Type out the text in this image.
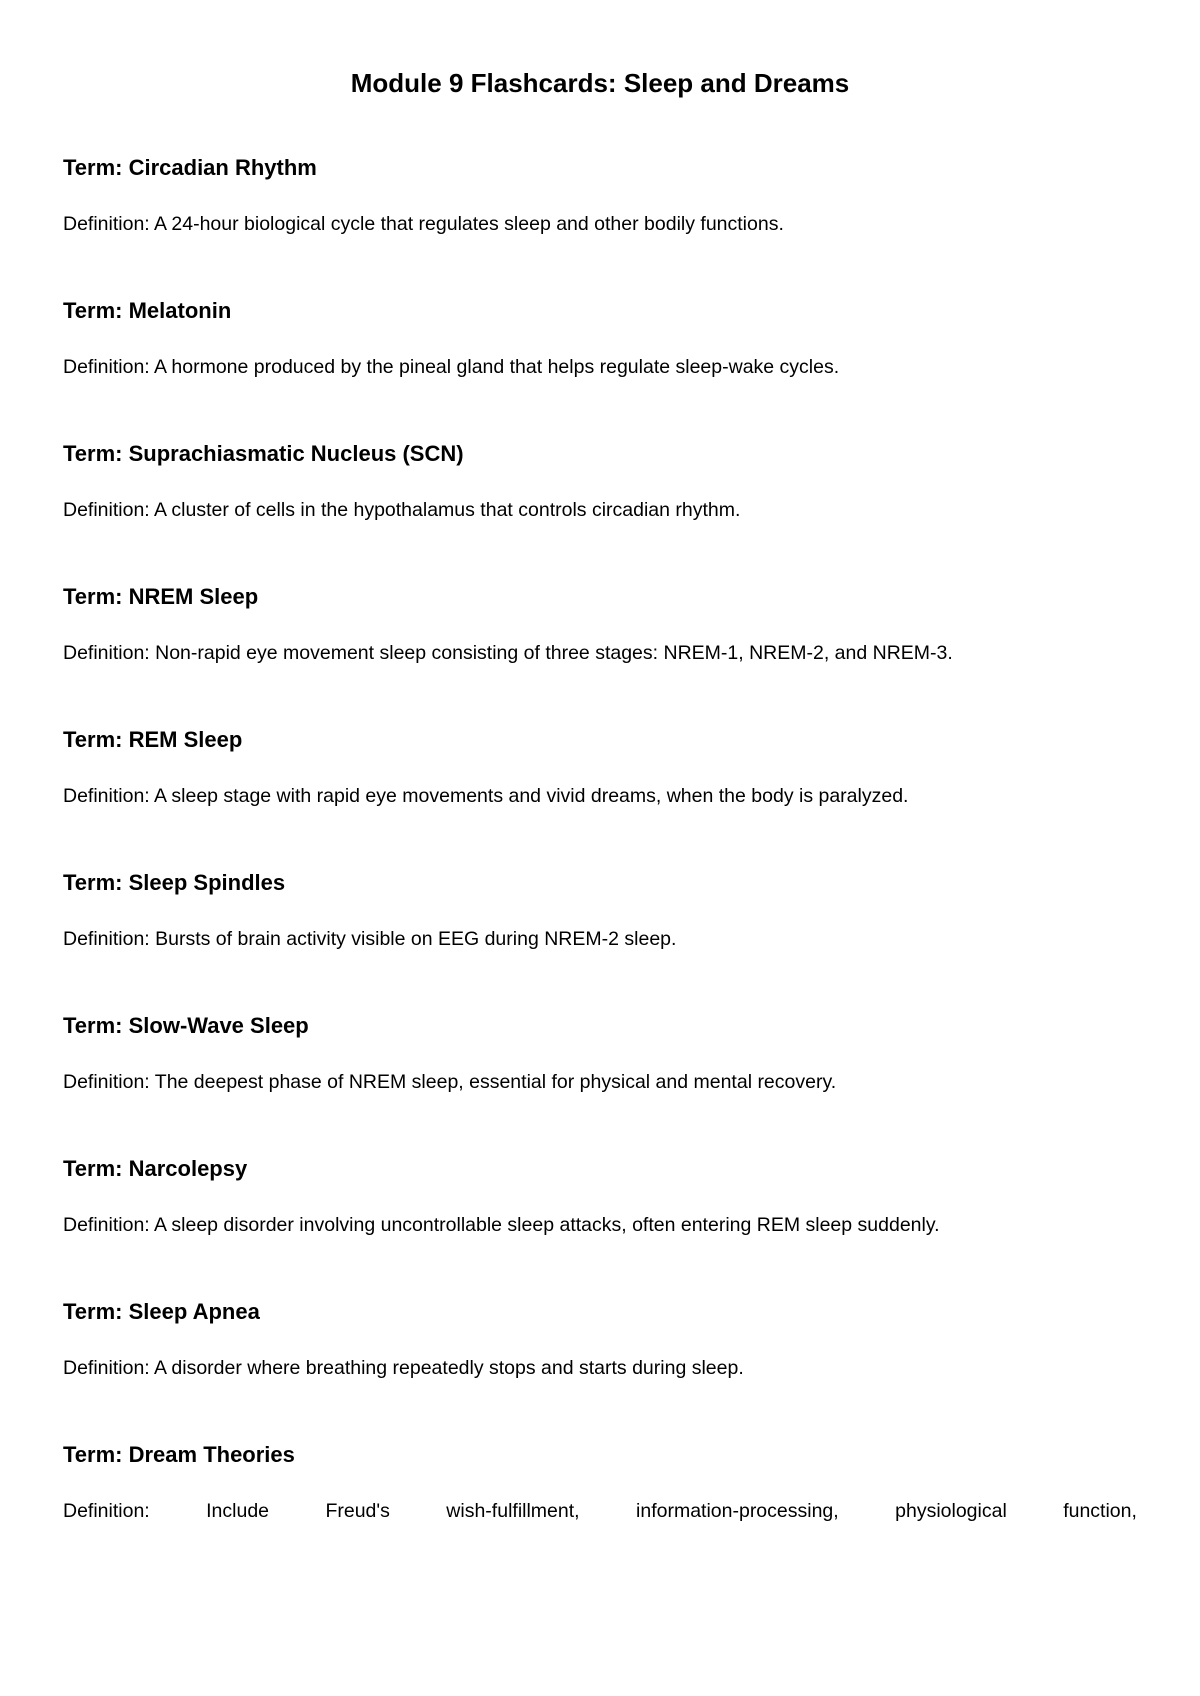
Module 9 Flashcards: Sleep and Dreams

Term: Circadian Rhythm

Definition: A 24-hour biological cycle that regulates sleep and other bodily functions.

Term: Melatonin

Definition: A hormone produced by the pineal gland that helps regulate sleep-wake cycles.

Term: Suprachiasmatic Nucleus (SCN)

Definition: A cluster of cells in the hypothalamus that controls circadian rhythm.

Term: NREM Sleep

Definition: Non-rapid eye movement sleep consisting of three stages: NREM-1, NREM-2, and NREM-3.

Term: REM Sleep

Definition: A sleep stage with rapid eye movements and vivid dreams, when the body is paralyzed.

Term: Sleep Spindles

Definition: Bursts of brain activity visible on EEG during NREM-2 sleep.

Term: Slow-Wave Sleep

Definition: The deepest phase of NREM sleep, essential for physical and mental recovery.

Term: Narcolepsy

Definition: A sleep disorder involving uncontrollable sleep attacks, often entering REM sleep suddenly.

Term: Sleep Apnea

Definition: A disorder where breathing repeatedly stops and starts during sleep.

Term: Dream Theories

Definition:	Include	Freud's	wish-fulfillment,	information-processing,	physiological	function,
